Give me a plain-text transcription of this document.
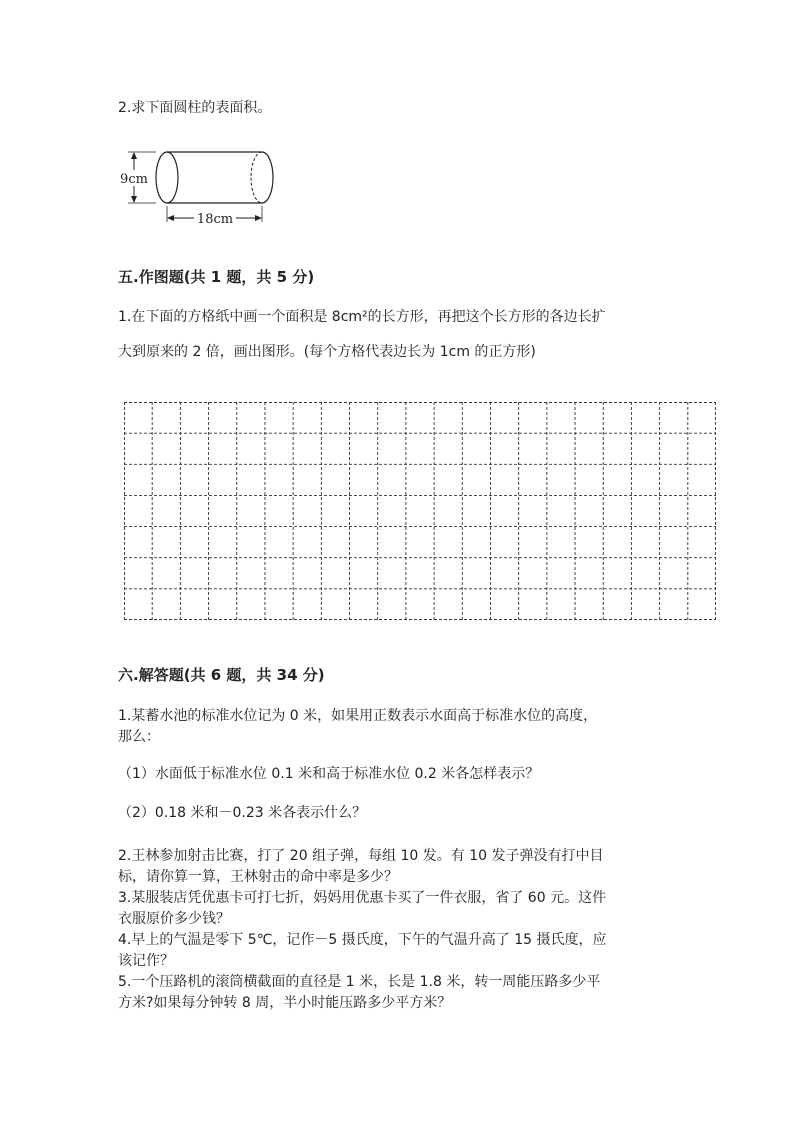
2.求下面圆柱的表面积。
9cm
18cm
五.作图题(共 1 题，共 5 分)
1.在下面的方格纸中画一个面积是 8cm²的长方形，再把这个长方形的各边长扩
大到原来的 2 倍，画出图形。(每个方格代表边长为 1cm 的正方形)
六.解答题(共 6 题，共 34 分)
1.某蓄水池的标准水位记为 0 米，如果用正数表示水面高于标准水位的高度，
那么：
（1）水面低于标准水位 0.1 米和高于标准水位 0.2 米各怎样表示？
（2）0.18 米和－0.23 米各表示什么？
2.王林参加射击比赛，打了 20 组子弹，每组 10 发。有 10 发子弹没有打中目
标，请你算一算，王林射击的命中率是多少？
3.某服装店凭优惠卡可打七折，妈妈用优惠卡买了一件衣服，省了 60 元。这件
衣服原价多少钱？
4.早上的气温是零下 5℃，记作－5 摄氏度，下午的气温升高了 15 摄氏度，应
该记作？
5.一个压路机的滚筒横截面的直径是 1 米，长是 1.8 米，转一周能压路多少平
方米?如果每分钟转 8 周，半小时能压路多少平方米？
